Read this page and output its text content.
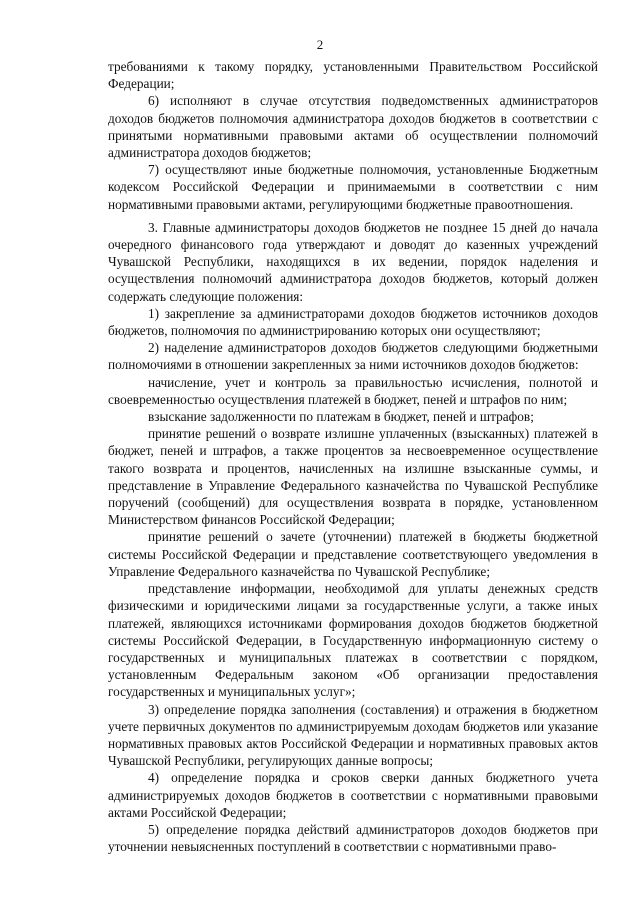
2

требованиями к такому порядку, установленными Правительством Российской Федерации;

6) исполняют в случае отсутствия подведомственных администраторов доходов бюджетов полномочия администратора доходов бюджетов в соответствии с принятыми нормативными правовыми актами об осуществлении полномочий администратора доходов бюджетов;

7) осуществляют иные бюджетные полномочия, установленные Бюджетным кодексом Российской Федерации и принимаемыми в соответствии с ним нормативными правовыми актами, регулирующими бюджетные правоотношения.

3. Главные администраторы доходов бюджетов не позднее 15 дней до начала очередного финансового года утверждают и доводят до казенных учреждений Чувашской Республики, находящихся в их ведении, порядок наделения и осуществления полномочий администратора доходов бюджетов, который должен содержать следующие положения:

1) закрепление за администраторами доходов бюджетов источников доходов бюджетов, полномочия по администрированию которых они осуществляют;

2) наделение администраторов доходов бюджетов следующими бюджетными полномочиями в отношении закрепленных за ними источников доходов бюджетов:

начисление, учет и контроль за правильностью исчисления, полнотой и своевременностью осуществления платежей в бюджет, пеней и штрафов по ним;

взыскание задолженности по платежам в бюджет, пеней и штрафов;

принятие решений о возврате излишне уплаченных (взысканных) платежей в бюджет, пеней и штрафов, а также процентов за несвоевременное осуществление такого возврата и процентов, начисленных на излишне взысканные суммы, и представление в Управление Федерального казначейства по Чувашской Республике поручений (сообщений) для осуществления возврата в порядке, установленном Министерством финансов Российской Федерации;

принятие решений о зачете (уточнении) платежей в бюджеты бюджетной системы Российской Федерации и представление соответствующего уведомления в Управление Федерального казначейства по Чувашской Республике;

представление информации, необходимой для уплаты денежных средств физическими и юридическими лицами за государственные услуги, а также иных платежей, являющихся источниками формирования доходов бюджетов бюджетной системы Российской Федерации, в Государственную информационную систему о государственных и муниципальных платежах в соответствии с порядком, установленным Федеральным законом «Об организации предоставления государственных и муниципальных услуг»;

3) определение порядка заполнения (составления) и отражения в бюджетном учете первичных документов по администрируемым доходам бюджетов или указание нормативных правовых актов Российской Федерации и нормативных правовых актов Чувашской Республики, регулирующих данные вопросы;

4) определение порядка и сроков сверки данных бюджетного учета администрируемых доходов бюджетов в соответствии с нормативными правовыми актами Российской Федерации;

5) определение порядка действий администраторов доходов бюджетов при уточнении невыясненных поступлений в соответствии с нормативными право-
